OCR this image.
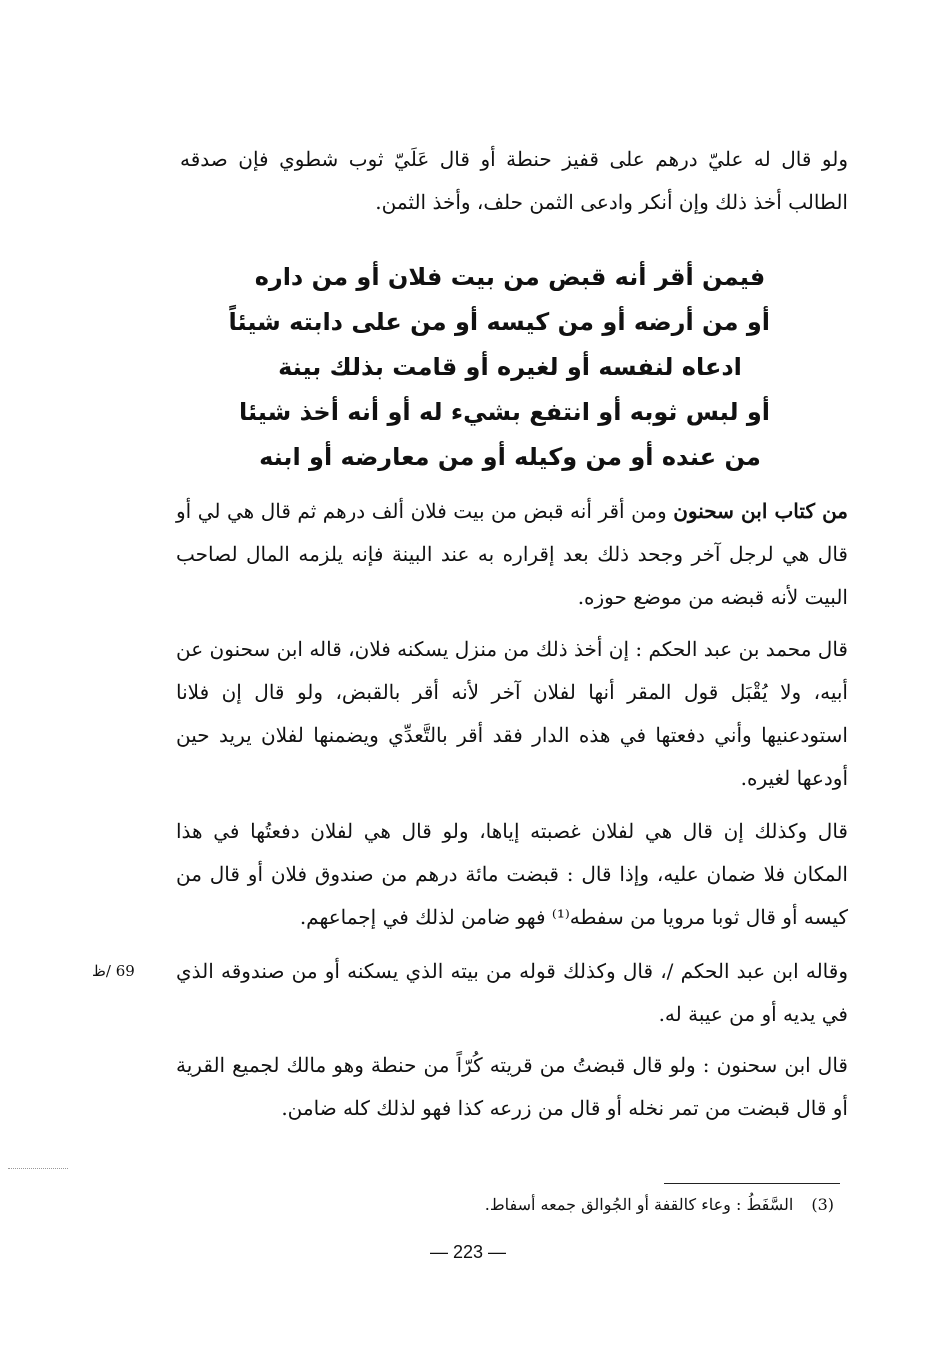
ولو قال له عليّ درهم على قفيز حنطة أو قال عَلَيّ ثوب شطوي فإن صدقه الطالب أخذ ذلك وإن أنكر وادعى الثمن حلف، وأخذ الثمن.

فيمن أقر أنه قبض من بيت فلان أو من داره
أو من أرضه أو من كيسه أو من على دابته شيئاً
ادعاه لنفسه أو لغيره أو قامت بذلك بينة
أو لبس ثوبه أو انتفع بشيء له أو أنه أخذ شيئا
من عنده أو من وكيله أو من معارضه أو ابنه

من كتاب ابن سحنون ومن أقر أنه قبض من بيت فلان ألف درهم ثم قال هي لي أو قال هي لرجل آخر وجحد ذلك بعد إقراره به عند البينة فإنه يلزمه المال لصاحب البيت لأنه قبضه من موضع حوزه.

قال محمد بن عبد الحكم : إن أخذ ذلك من منزل يسكنه فلان، قاله ابن سحنون عن أبيه، ولا يُقْبَل قول المقر أنها لفلان آخر لأنه أقر بالقبض، ولو قال إن فلانا استودعنيها وأني دفعتها في هذه الدار فقد أقر بالتَّعدِّي ويضمنها لفلان يريد حين أودعها لغيره.

قال وكذلك إن قال هي لفلان غصبته إياها، ولو قال هي لفلان دفعتُها في هذا المكان فلا ضمان عليه، وإذا قال : قبضت مائة درهم من صندوق فلان أو قال من كيسه أو قال ثوبا مرويا من سفطه⁽¹⁾ فهو ضامن لذلك في إجماعهم.

69 /ظ وقاله ابن عبد الحكم /، قال وكذلك قوله من بيته الذي يسكنه أو من صندوقه الذي في يديه أو من عيبة له.

قال ابن سحنون : ولو قال قبضتُ من قريته كُرّاً من حنطة وهو مالك لجميع القرية أو قال قبضت من تمر نخله أو قال من زرعه كذا فهو لذلك كله ضامن.

(3)السَّفَطُ : وعاء كالقفة أو الجُوالق جمعه أسفاط.
— 223 —
